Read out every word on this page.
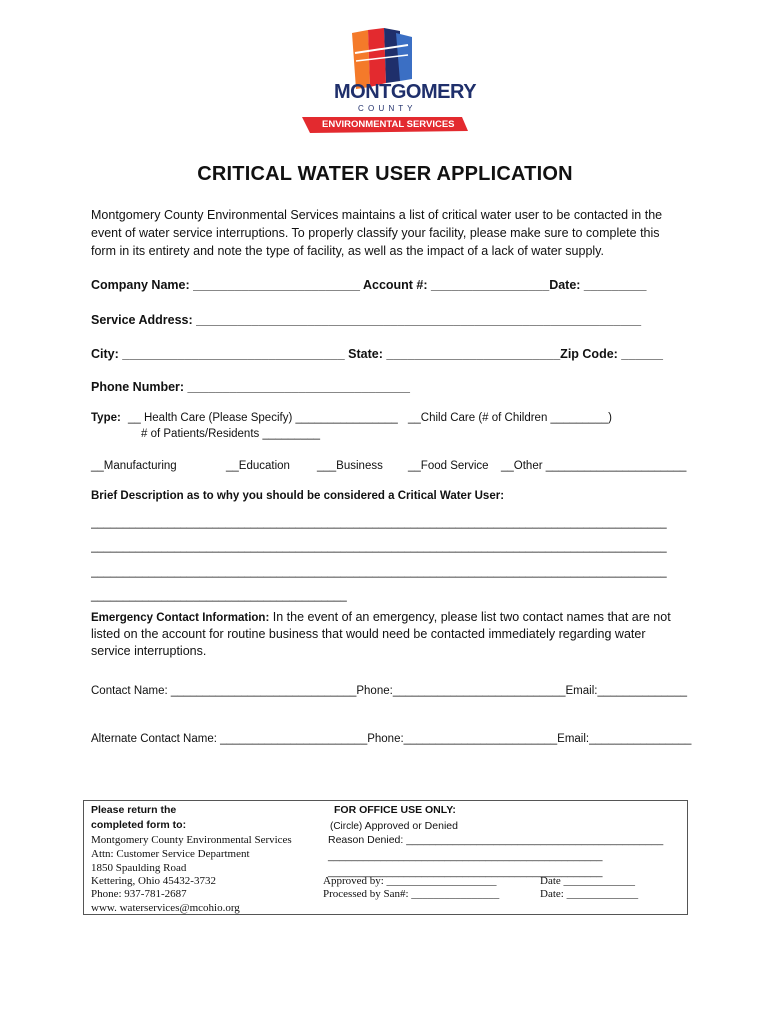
MONTGOMERY
C O U N T Y
ENVIRONMENTAL SERVICES
CRITICAL WATER USER APPLICATION
Montgomery County Environmental Services maintains a list of critical water user to be contacted in the
event of water service interruptions. To properly classify your facility, please make sure to complete this
form in its entirety and note the type of facility, as well as the impact of a lack of water supply.
Company Name: ________________________ Account #: _________________Date: _________
Service Address: ________________________________________________________________
City: ________________________________ State: _________________________Zip Code: ______
Phone Number: ________________________________
Type: __ Health Care (Please Specify) ________________ __Child Care (# of Children _________)
# of Patients/Residents _________
__Manufacturing	__Education ___Business __Food Service __Other ______________________
Brief Description as to why you should be considered a Critical Water User:
__________________________________________________________________________________________
__________________________________________________________________________________________
__________________________________________________________________________________________
________________________________________
Emergency Contact Information: In the event of an emergency, please list two contact names that are not
listed on the account for routine business that would need be contacted immediately regarding water
service interruptions.
Contact Name: _____________________________Phone:___________________________Email:______________
Alternate Contact Name: _______________________Phone:________________________Email:________________
Please return the
completed form to:
Montgomery County Environmental Services
Attn: Customer Service Department
1850 Spaulding Road
Kettering, Ohio 45432-3732
Phone: 937-781-2687
www. waterservices@mcohio.org
FOR OFFICE USE ONLY:
(Circle) Approved or Denied
Reason Denied: ____________________________________________
_______________________________________________
_______________________________________________
Approved by: ____________________
Processed by San#: ________________
Date _____________
Date: _____________
